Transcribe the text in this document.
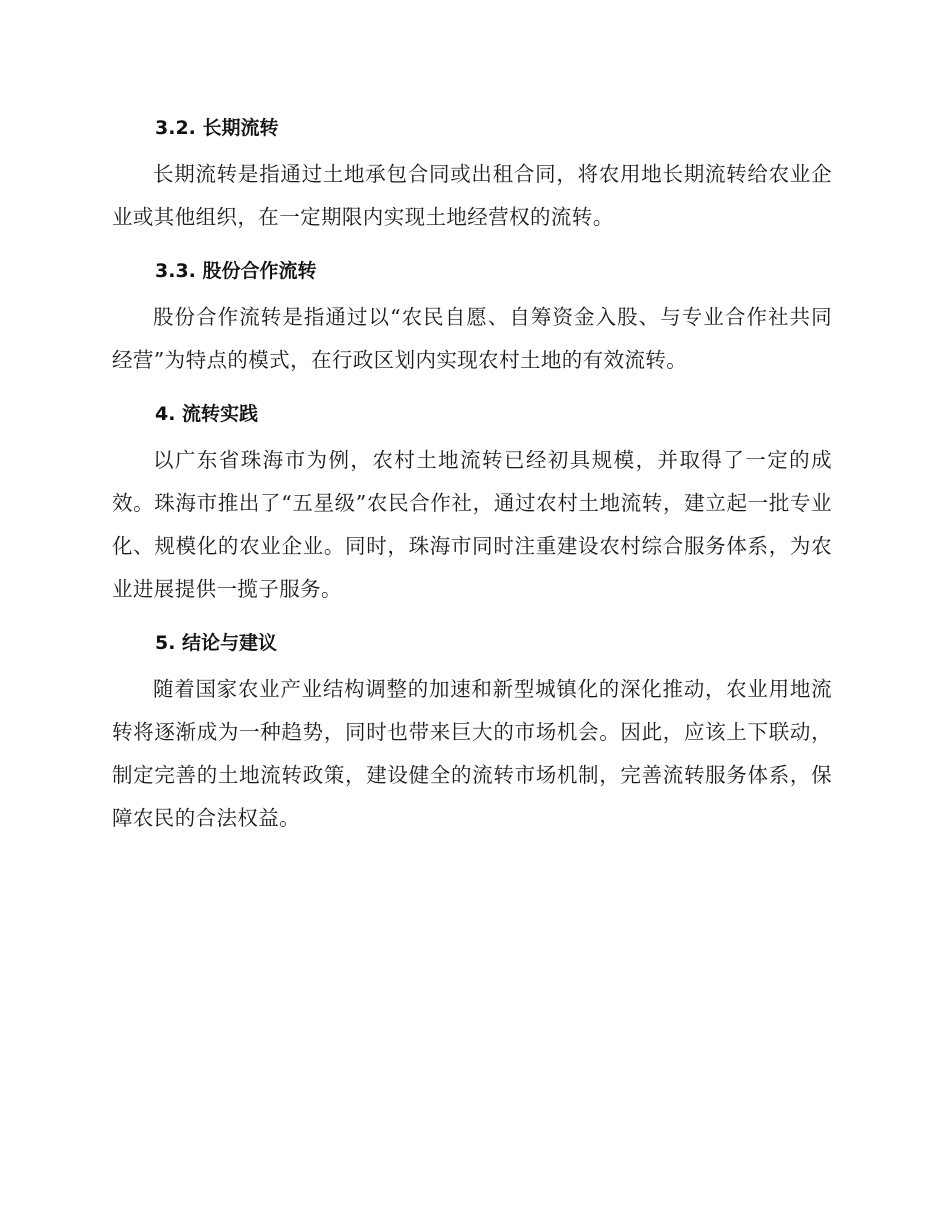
3.2. 长期流转

长期流转是指通过土地承包合同或出租合同，将农用地长期流转给农业企业或其他组织，在一定期限内实现土地经营权的流转。

3.3. 股份合作流转

股份合作流转是指通过以“农民自愿、自筹资金入股、与专业合作社共同经营”为特点的模式，在行政区划内实现农村土地的有效流转。

4. 流转实践

以广东省珠海市为例，农村土地流转已经初具规模，并取得了一定的成效。珠海市推出了“五星级”农民合作社，通过农村土地流转，建立起一批专业化、规模化的农业企业。同时，珠海市同时注重建设农村综合服务体系，为农业进展提供一揽子服务。

5. 结论与建议

随着国家农业产业结构调整的加速和新型城镇化的深化推动，农业用地流转将逐渐成为一种趋势，同时也带来巨大的市场机会。因此，应该上下联动，制定完善的土地流转政策，建设健全的流转市场机制，完善流转服务体系，保障农民的合法权益。
